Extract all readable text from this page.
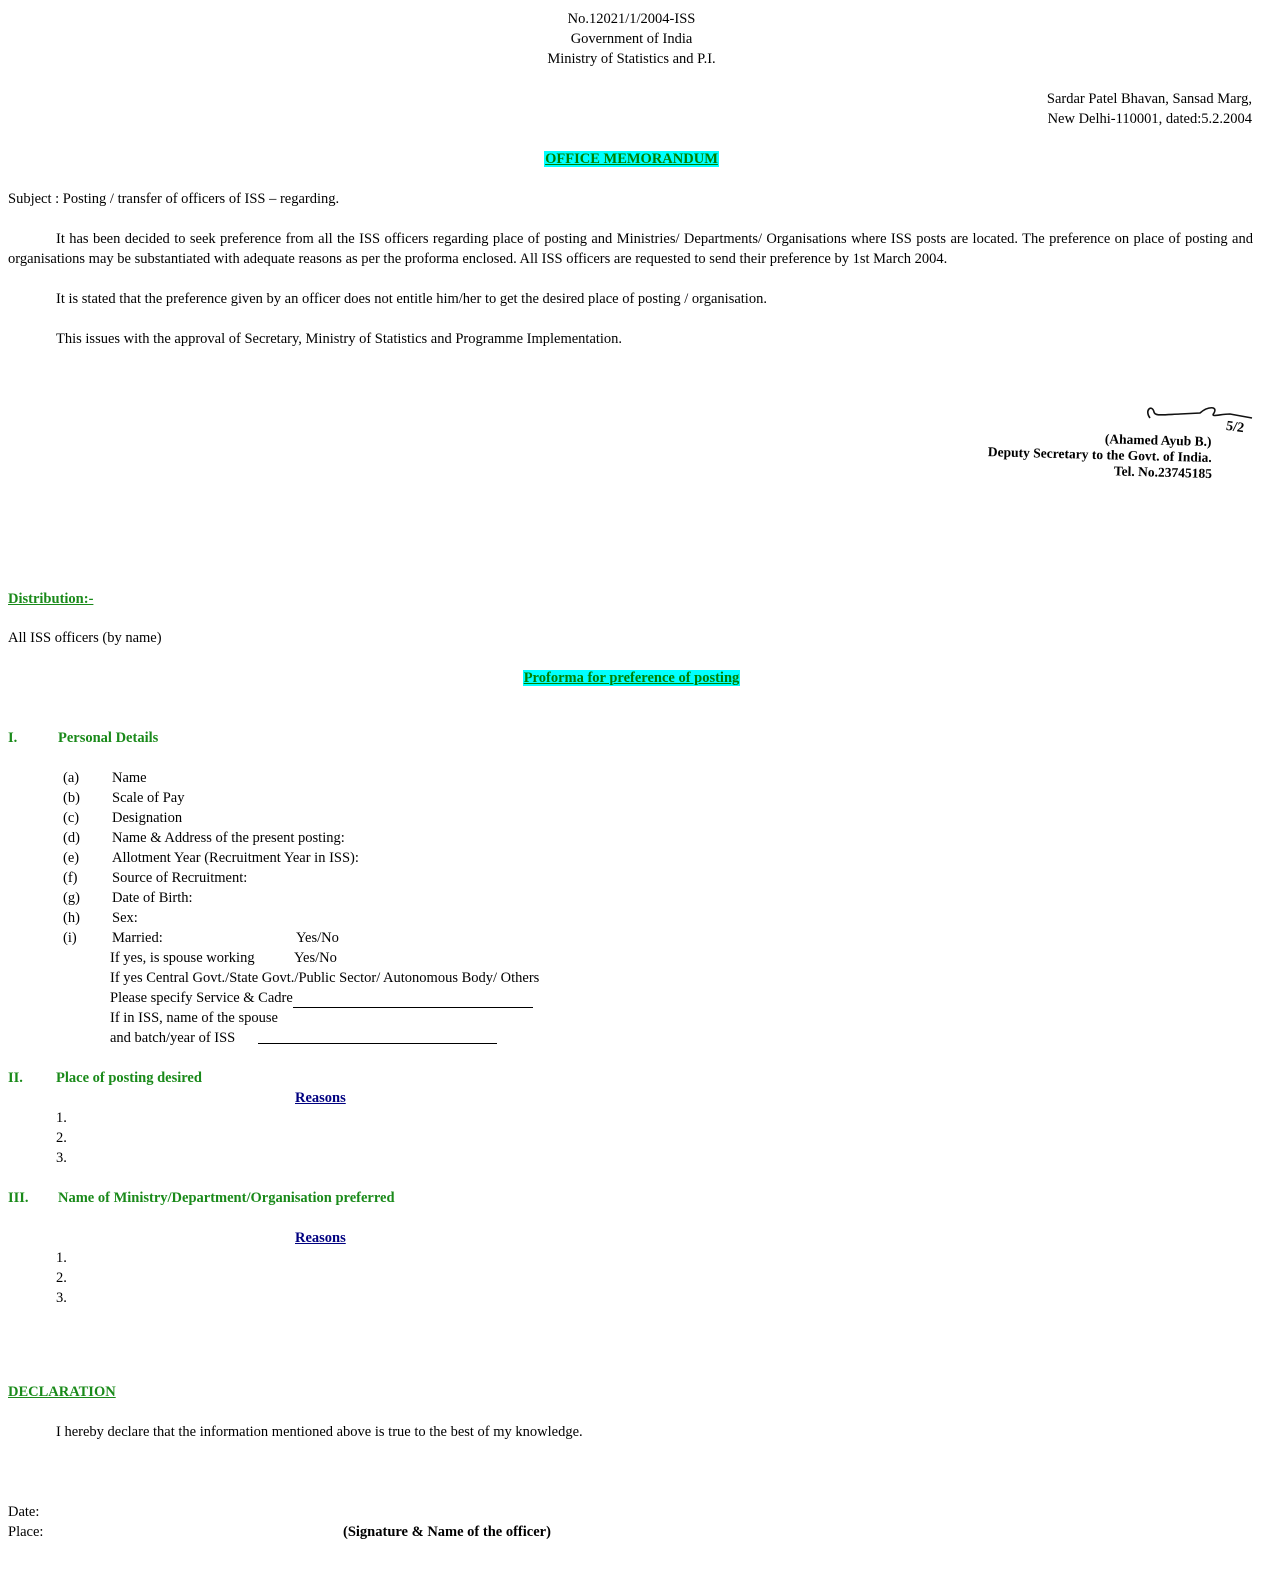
No.12021/1/2004-ISS
Government of India
Ministry of Statistics and P.I.
Sardar Patel Bhavan, Sansad Marg,
New Delhi-110001, dated:5.2.2004
OFFICE MEMORANDUM
Subject : Posting / transfer of officers of ISS – regarding.
It has been decided to seek preference from all the ISS officers regarding place of posting and Ministries/ Departments/ Organisations where ISS posts are located. The preference on place of posting and organisations may be substantiated with adequate reasons as per the proforma enclosed. All ISS officers are requested to send their preference by 1st March 2004.
It is stated that the preference given by an officer does not entitle him/her to get the desired place of posting / organisation.
This issues with the approval of Secretary, Ministry of Statistics and Programme Implementation.
5/2
(Ahamed Ayub B.)
Deputy Secretary to the Govt. of India.
Tel. No.23745185
Distribution:-
All ISS officers (by name)
Proforma for preference of posting
I.	Personal Details
(a) Name
(b) Scale of Pay
(c) Designation
(d) Name & Address of the present posting:
(e) Allotment Year (Recruitment Year in ISS):
(f) Source of Recruitment:
(g) Date of Birth:
(h) Sex:
(i) Married:	Yes/No
If yes, is spouse working	Yes/No
If yes Central Govt./State Govt./Public Sector/ Autonomous Body/ Others
Please specify Service & Cadre
If in ISS, name of the spouse
and batch/year of ISS
II. Place of posting desired
Reasons
1.
2.
3.
III. Name of Ministry/Department/Organisation preferred
Reasons
1.
2.
3.
DECLARATION
I hereby declare that the information mentioned above is true to the best of my knowledge.
Date:
Place:	(Signature & Name of the officer)
